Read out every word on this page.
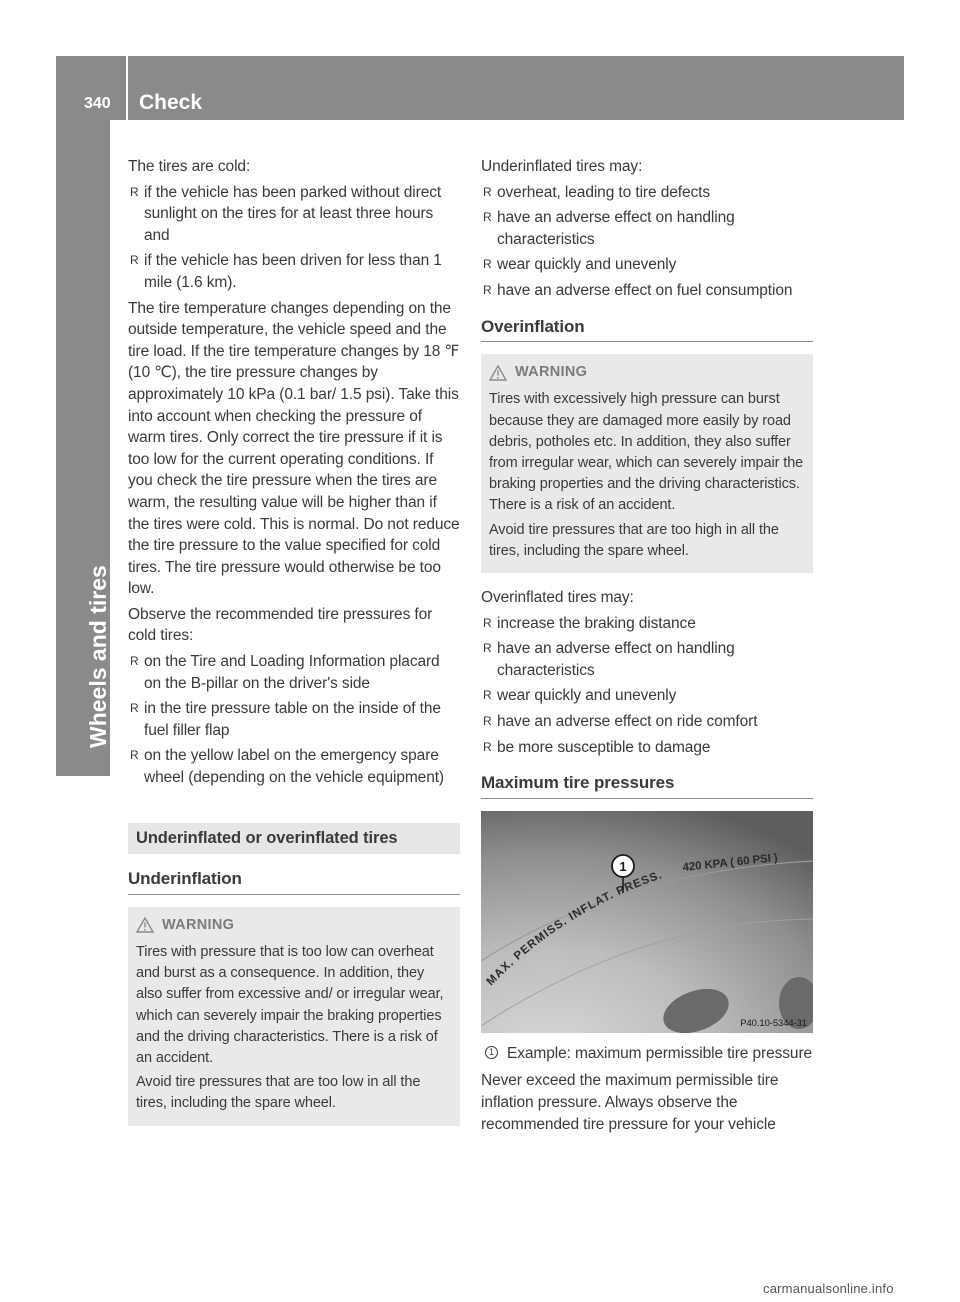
340 Check
Wheels and tires

The tires are cold:

R if the vehicle has been parked without direct sunlight on the tires for at least three hours and
R if the vehicle has been driven for less than 1 mile (1.6 km).

The tire temperature changes depending on the outside temperature, the vehicle speed and the tire load. If the tire temperature changes by 18 ℉ (10 ℃), the tire pressure changes by approximately 10 kPa (0.1 bar/ 1.5 psi). Take this into account when checking the pressure of warm tires. Only correct the tire pressure if it is too low for the current operating conditions. If you check the tire pressure when the tires are warm, the resulting value will be higher than if the tires were cold. This is normal. Do not reduce the tire pressure to the value specified for cold tires. The tire pressure would otherwise be too low.

Observe the recommended tire pressures for cold tires:

R on the Tire and Loading Information placard on the B-pillar on the driver's side
R in the tire pressure table on the inside of the fuel filler flap
R on the yellow label on the emergency spare wheel (depending on the vehicle equipment)
Underinflated or overinflated tires
Underinflation
WARNING

Tires with pressure that is too low can overheat and burst as a consequence. In addition, they also suffer from excessive and/ or irregular wear, which can severely impair the braking properties and the driving characteristics. There is a risk of an accident.

Avoid tire pressures that are too low in all the tires, including the spare wheel.

Underinflated tires may:

R overheat, leading to tire defects
R have an adverse effect on handling characteristics
R wear quickly and unevenly
R have an adverse effect on fuel consumption
Overinflation
WARNING

Tires with excessively high pressure can burst because they are damaged more easily by road debris, potholes etc. In addition, they also suffer from irregular wear, which can severely impair the braking properties and the driving characteristics. There is a risk of an accident.

Avoid tire pressures that are too high in all the tires, including the spare wheel.

Overinflated tires may:

R increase the braking distance
R have an adverse effect on handling characteristics
R wear quickly and unevenly
R have an adverse effect on ride comfort
R be more susceptible to damage
Maximum tire pressures
MAX. PERMISS. INFLAT. PRESS.
420 KPA ( 60 PSI )
1
P40.10-5344-31
1 Example: maximum permissible tire pressure

Never exceed the maximum permissible tire inflation pressure. Always observe the recommended tire pressure for your vehicle

carmanualsonline.info
